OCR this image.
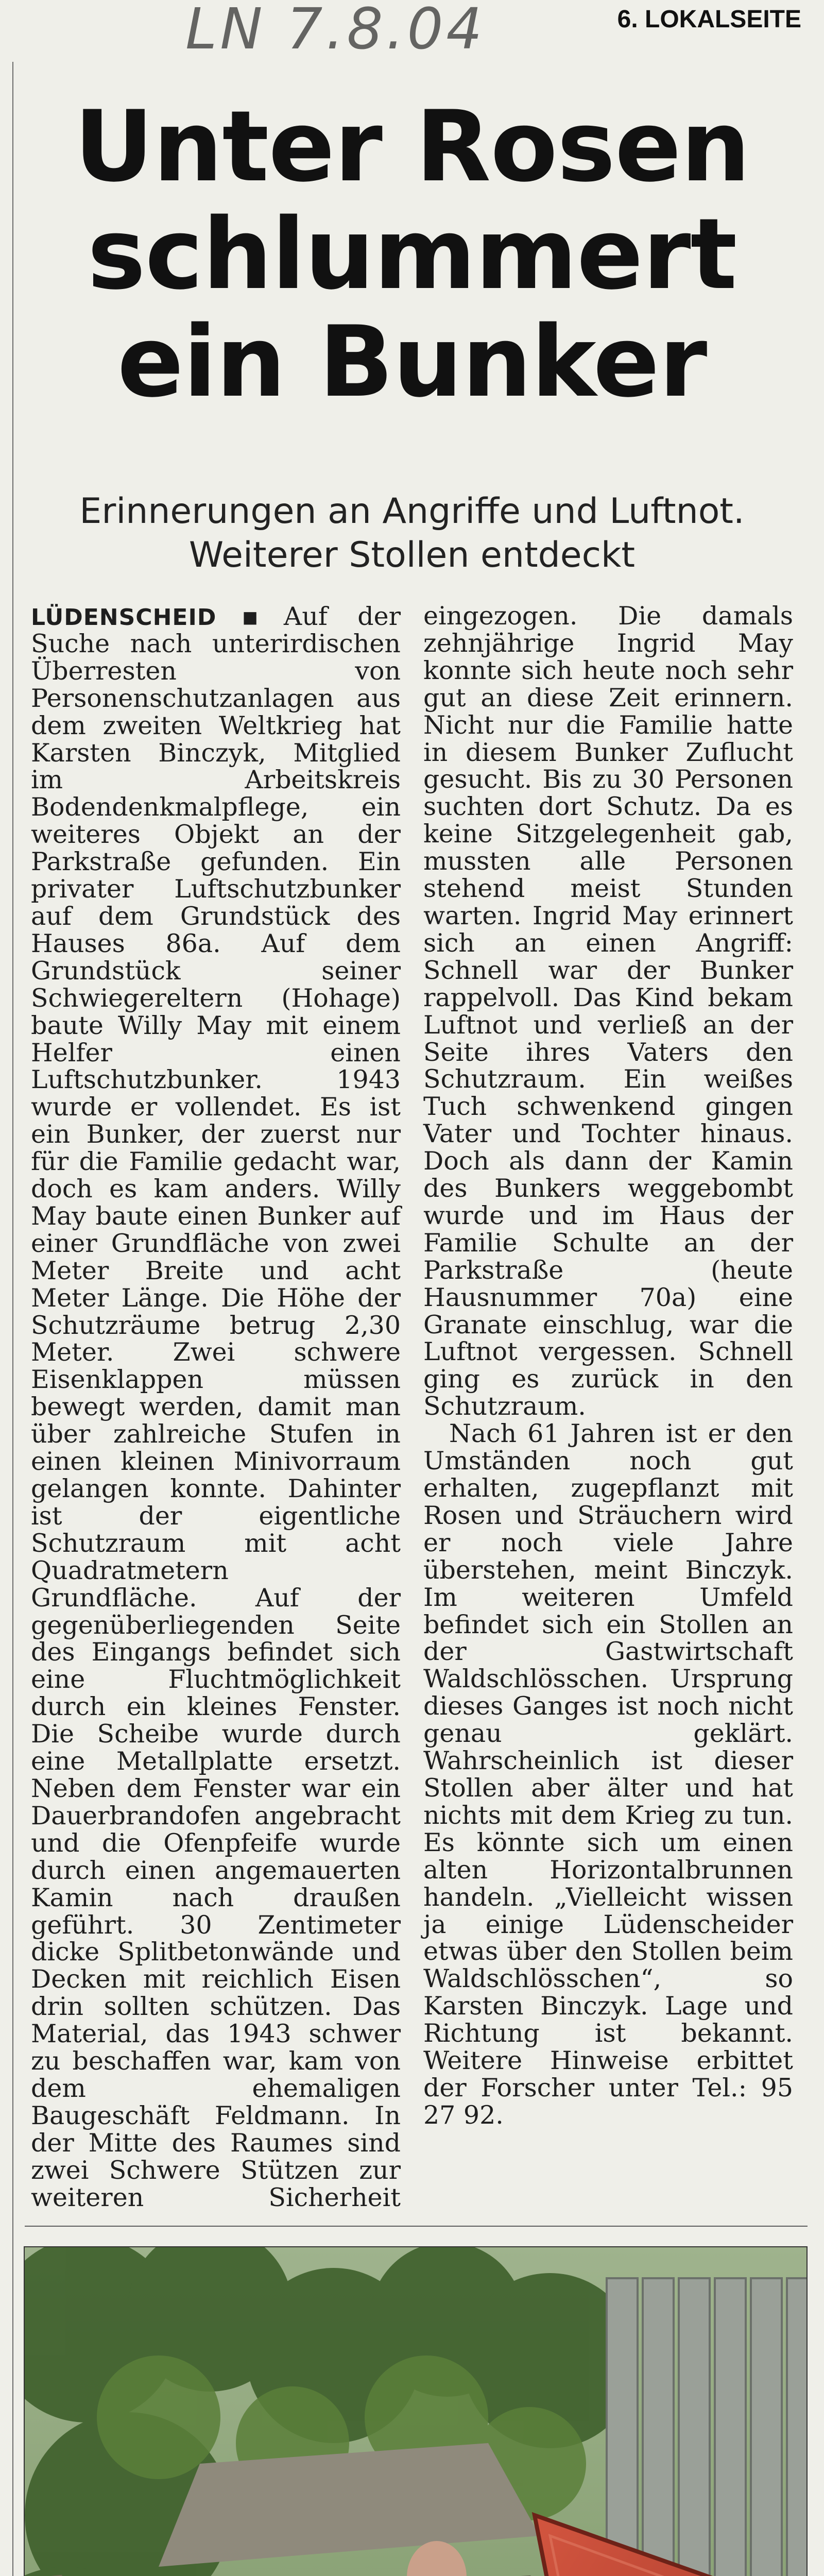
LN 7.8.04	6. LOKALSEITE
Unter Rosen schlummert ein Bunker
Erinnerungen an Angriffe und Luftnot. Weiterer Stollen entdeckt

LÜDENSCHEID ▪ Auf der Suche nach unterirdischen Überresten von Personenschutzanlagen aus dem zweiten Weltkrieg hat Karsten Binczyk, Mitglied im Arbeitskreis Bodendenkmalpflege, ein weiteres Objekt an der Parkstraße gefunden. Ein privater Luftschutzbunker auf dem Grundstück des Hauses 86a. Auf dem Grundstück seiner Schwiegereltern (Hohage) baute Willy May mit einem Helfer einen Luftschutzbunker. 1943 wurde er vollendet. Es ist ein Bunker, der zuerst nur für die Familie gedacht war, doch es kam anders. Willy May baute einen Bunker auf einer Grundfläche von zwei Meter Breite und acht Meter Länge. Die Höhe der Schutzräume betrug 2,30 Meter. Zwei schwere Eisenklappen müssen bewegt werden, damit man über zahlreiche Stufen in einen kleinen Minivorraum gelangen konnte. Dahinter ist der eigentliche Schutzraum mit acht Quadratmetern Grundfläche. Auf der gegenüberliegenden Seite des Eingangs befindet sich eine Fluchtmöglichkeit durch ein kleines Fenster. Die Scheibe wurde durch eine Metallplatte ersetzt. Neben dem Fenster war ein Dauerbrandofen angebracht und die Ofenpfeife wurde durch einen angemauerten Kamin nach draußen geführt. 30 Zentimeter dicke Splitbetonwände und Decken mit reichlich Eisen drin sollten schützen. Das Material, das 1943 schwer zu beschaffen war, kam von dem ehemaligen Baugeschäft Feldmann. In der Mitte des Raumes sind zwei Schwere Stützen zur weiteren Sicherheit eingezogen. Die damals zehnjährige Ingrid May konnte sich heute noch sehr gut an diese Zeit erinnern. Nicht nur die Familie hatte in diesem Bunker Zuflucht gesucht. Bis zu 30 Personen suchten dort Schutz. Da es keine Sitzgelegenheit gab, mussten alle Personen stehend meist Stunden warten. Ingrid May erinnert sich an einen Angriff: Schnell war der Bunker rappelvoll. Das Kind bekam Luftnot und verließ an der Seite ihres Vaters den Schutzraum. Ein weißes Tuch schwenkend gingen Vater und Tochter hinaus. Doch als dann der Kamin des Bunkers weggebombt wurde und im Haus der Familie Schulte an der Parkstraße (heute Hausnummer 70a) eine Granate einschlug, war die Luftnot vergessen. Schnell ging es zurück in den Schutzraum.

Nach 61 Jahren ist er den Umständen noch gut erhalten, zugepflanzt mit Rosen und Sträuchern wird er noch viele Jahre überstehen, meint Binczyk. Im weiteren Umfeld befindet sich ein Stollen an der Gastwirtschaft Waldschlösschen. Ursprung dieses Ganges ist noch nicht genau geklärt. Wahrscheinlich ist dieser Stollen aber älter und hat nichts mit dem Krieg zu tun. Es könnte sich um einen alten Horizontalbrunnen handeln. „Vielleicht wissen ja einige Lüdenscheider etwas über den Stollen beim Waldschlösschen“, so Karsten Binczyk. Lage und Richtung ist bekannt. Weitere Hinweise erbittet der Forscher unter Tel.: 95 27 92.
